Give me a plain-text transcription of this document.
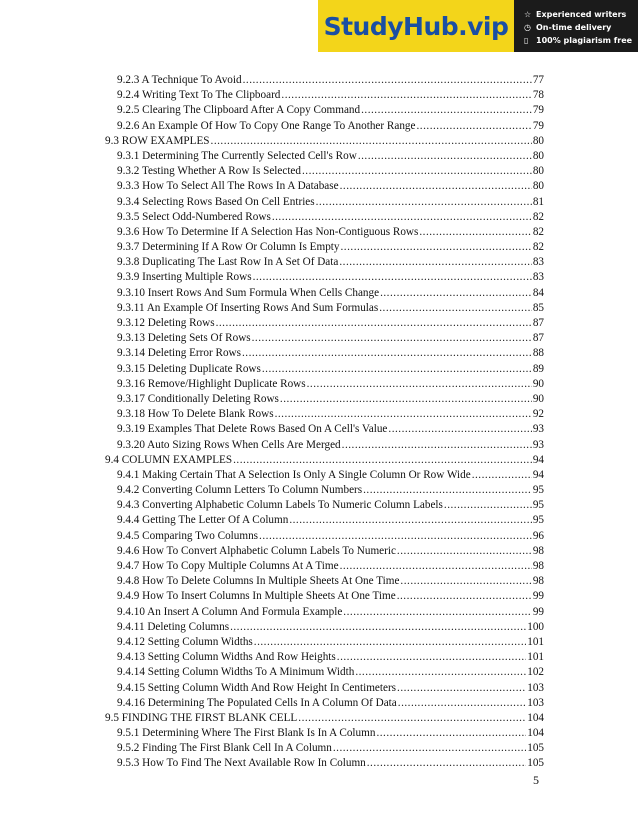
StudyHub.vip ☆ Experienced writers
◷ On-time delivery
▯ 100% plagiarism free
9.2.3 A Technique To Avoid .....	77
9.2.4 Writing Text To The Clipboard .....	78
9.2.5 Clearing The Clipboard After A Copy Command .....	79
9.2.6 An Example Of How To Copy One Range To Another Range .....	79
9.3 ROW EXAMPLES .....	80
9.3.1 Determining The Currently Selected Cell's Row .....	80
9.3.2 Testing Whether A Row Is Selected .....	80
9.3.3 How To Select All The Rows In A Database .....	80
9.3.4 Selecting Rows Based On Cell Entries .....	81
9.3.5 Select Odd-Numbered Rows .....	82
9.3.6 How To Determine If A Selection Has Non-Contiguous Rows .....	82
9.3.7 Determining If A Row Or Column Is Empty .....	82
9.3.8 Duplicating The Last Row In A Set Of Data .....	83
9.3.9 Inserting Multiple Rows .....	83
9.3.10 Insert Rows And Sum Formula When Cells Change .....	84
9.3.11 An Example Of Inserting Rows And Sum Formulas .....	85
9.3.12 Deleting Rows .....	87
9.3.13 Deleting Sets Of Rows .....	87
9.3.14 Deleting Error Rows .....	88
9.3.15 Deleting Duplicate Rows .....	89
9.3.16 Remove/Highlight Duplicate Rows .....	90
9.3.17 Conditionally Deleting Rows .....	90
9.3.18 How To Delete Blank Rows .....	92
9.3.19 Examples That Delete Rows Based On A Cell's Value .....	93
9.3.20 Auto Sizing Rows When Cells Are Merged .....	93
9.4 COLUMN EXAMPLES .....	94
9.4.1 Making Certain That A Selection Is Only A Single Column Or Row Wide .....	94
9.4.2 Converting Column Letters To Column Numbers .....	95
9.4.3 Converting Alphabetic Column Labels To Numeric Column Labels .....	95
9.4.4 Getting The Letter Of A Column .....	95
9.4.5 Comparing Two Columns .....	96
9.4.6 How To Convert Alphabetic Column Labels To Numeric .....	98
9.4.7 How To Copy Multiple Columns At A Time .....	98
9.4.8 How To Delete Columns In Multiple Sheets At One Time .....	98
9.4.9 How To Insert Columns In Multiple Sheets At One Time .....	99
9.4.10 An Insert A Column And Formula Example .....	99
9.4.11 Deleting Columns .....	100
9.4.12 Setting Column Widths .....	101
9.4.13 Setting Column Widths And Row Heights .....	101
9.4.14 Setting Column Widths To A Minimum Width .....	102
9.4.15 Setting Column Width And Row Height In Centimeters .....	103
9.4.16 Determining The Populated Cells In A Column Of Data .....	103
9.5 FINDING THE FIRST BLANK CELL .....	104
9.5.1 Determining Where The First Blank Is In A Column .....	104
9.5.2 Finding The First Blank Cell In A Column .....	105
9.5.3 How To Find The Next Available Row In Column .....	105
5
